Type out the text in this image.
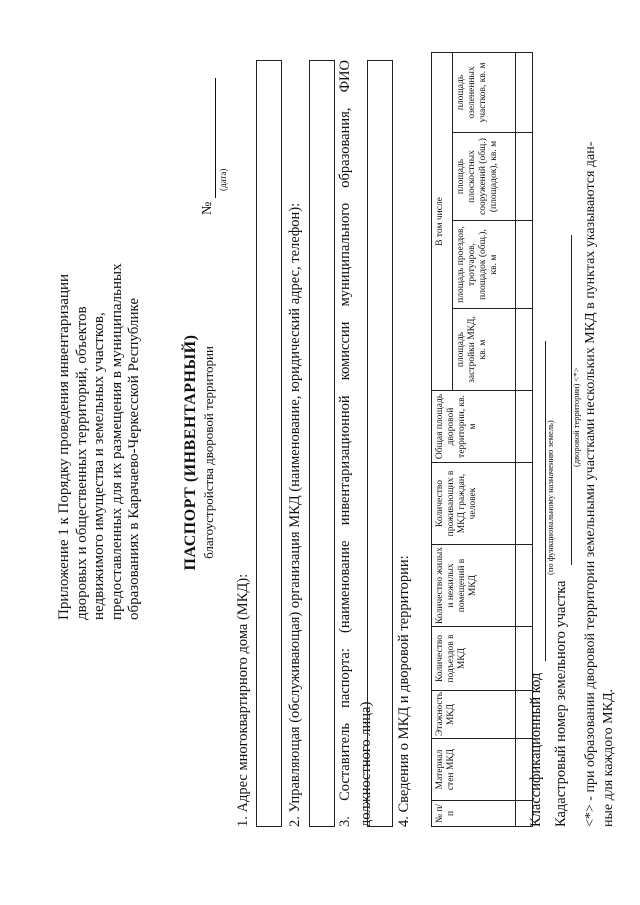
Приложение 1 к Порядку проведения инвентаризации дворовых и общественных территорий, объектов недвижимого имущества и земельных участков, предоставленных для их размещения в муниципальных образованиях в Карачаево-Черкесской Республике	ПАСПОРТ (ИНВЕНТАРНЫЙ) благоустройства дворовой территории
№
(дата)
1. Адрес многоквартирного дома (МКД): 2. Управляющая (обслуживающая) организация МКД (наименование, юридический адрес, телефон): 3. Составитель паспорта: (наименование инвентаризационной комиссии муниципального образования, ФИО должностного лица) 4. Сведения о МКД и дворовой территории: № п/п	Материал стен МКД	Этажность МКД	Количество подъездов в МКД	Количество жилых и нежилых помещений в МКД	Количество проживающих в МКД граждан, человек	Общая площадь дворовой территории, кв. м	В том числе			
							площадь застройки МКД, кв. м	площадь проездов, тротуаров, площадок (общ.), кв. м	площадь плоскостных сооружений (общ.) (площадок), кв. м	площадь озелененных участков, кв. м

Классификационный код
(по функциональному назначению земель)
Кадастровый номер земельного участка
(дворовой территории) <*> <*> - при образовании дворовой территории земельными участками нескольких МКД в пунктах указываются дан- ные для каждого МКД.
